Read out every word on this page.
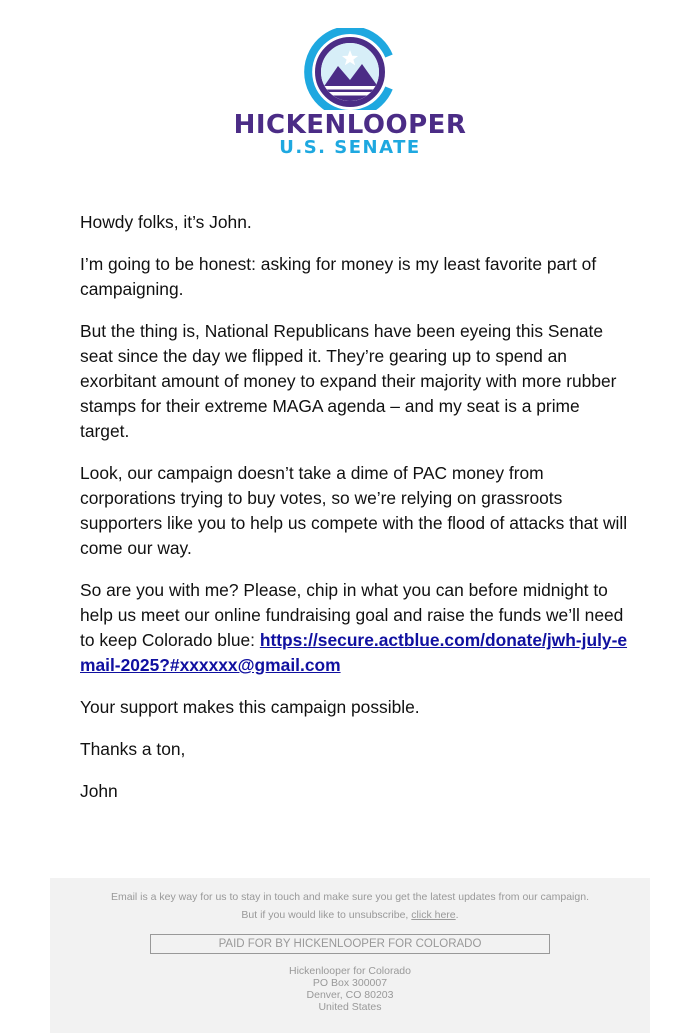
HICKENLOOPER
U.S. SENATE

Howdy folks, it’s John.

I’m going to be honest: asking for money is my least favorite part of campaigning.

But the thing is, National Republicans have been eyeing this Senate seat since the day we flipped it. They’re gearing up to spend an exorbitant amount of money to expand their majority with more rubber stamps for their extreme MAGA agenda – and my seat is a prime target.

Look, our campaign doesn’t take a dime of PAC money from corporations trying to buy votes, so we’re relying on grassroots supporters like you to help us compete with the flood of attacks that will come our way.

So are you with me? Please, chip in what you can before midnight to help us meet our online fundraising goal and raise the funds we’ll need to keep Colorado blue: https://secure.actblue.com/donate/jwh-july-email-2025?#xxxxxx@gmail.com

Your support makes this campaign possible.

Thanks a ton,

John

Email is a key way for us to stay in touch and make sure you get the latest updates from our campaign.
But if you would like to unsubscribe, click here.
PAID FOR BY HICKENLOOPER FOR COLORADO
Hickenlooper for Colorado
PO Box 300007
Denver, CO 80203
United States
